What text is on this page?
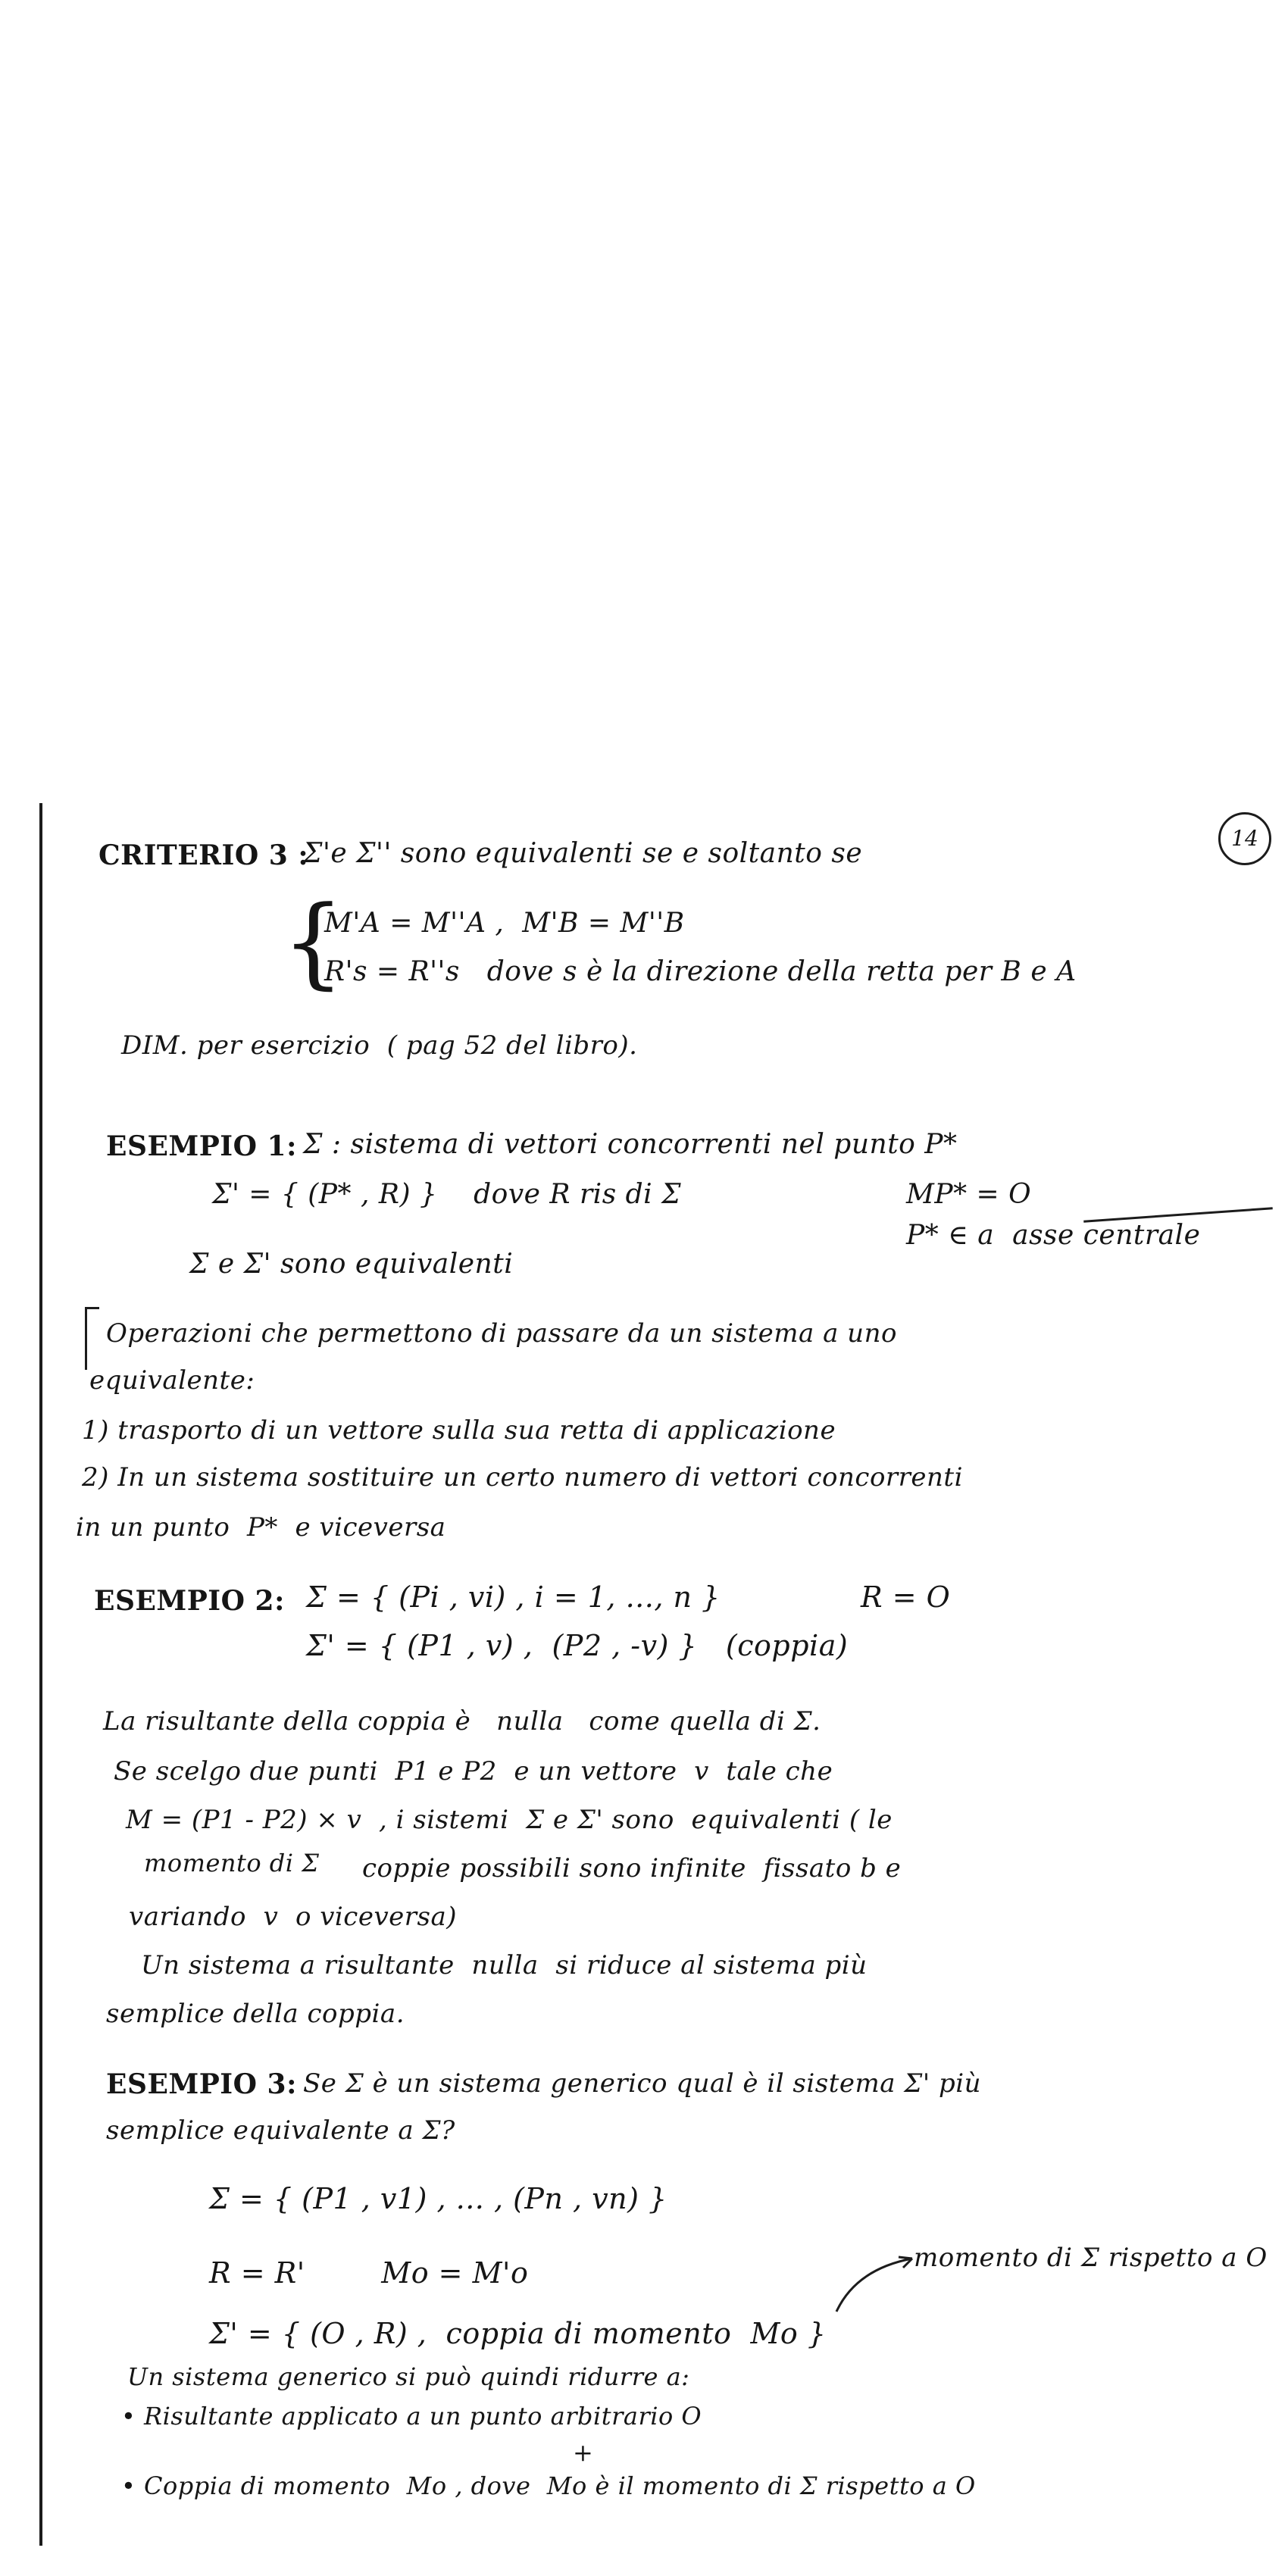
14
CRITERIO 3 :
Σ'e Σ'' sono equivalenti se e soltanto se
{
M'A = M''A ,  M'B = M''B
R's = R''s   dove s è la direzione della retta per B e A
DIM. per esercizio  ( pag 52 del libro).
ESEMPIO 1: Σ : sistema di vettori concorrenti nel punto P*
Σ' = { (P* , R) }    dove R ris di Σ	MP* = O
P* ∈ a  asse centrale
Σ e Σ' sono equivalenti
Operazioni che permettono di passare da un sistema a uno
equivalente:
1) trasporto di un vettore sulla sua retta di applicazione
2) In un sistema sostituire un certo numero di vettori concorrenti
in un punto  P*  e viceversa
ESEMPIO 2: Σ = { (Pi , vi) , i = 1, ..., n }	R = O
Σ' = { (P1 , v) ,  (P2 , -v) }   (coppia)
La risultante della coppia è   nulla   come quella di Σ.
Se scelgo due punti  P1 e P2  e un vettore  v  tale che
M = (P1 - P2) × v  , i sistemi  Σ e Σ' sono  equivalenti ( le
momento di Σ coppie possibili sono infinite  fissato b e
variando  v  o viceversa)
Un sistema a risultante  nulla  si riduce al sistema più
semplice della coppia.
ESEMPIO 3: Se Σ è un sistema generico qual è il sistema Σ' più
semplice equivalente a Σ?
Σ = { (P1 , v1) , ... , (Pn , vn) }
R = R'        Mo = M'o	momento di Σ rispetto a O
Σ' = { (O , R) ,  coppia di momento  Mo }
Un sistema generico si può quindi ridurre a:
• Risultante applicato a un punto arbitrario O
+
• Coppia di momento  Mo , dove  Mo è il momento di Σ rispetto a O
